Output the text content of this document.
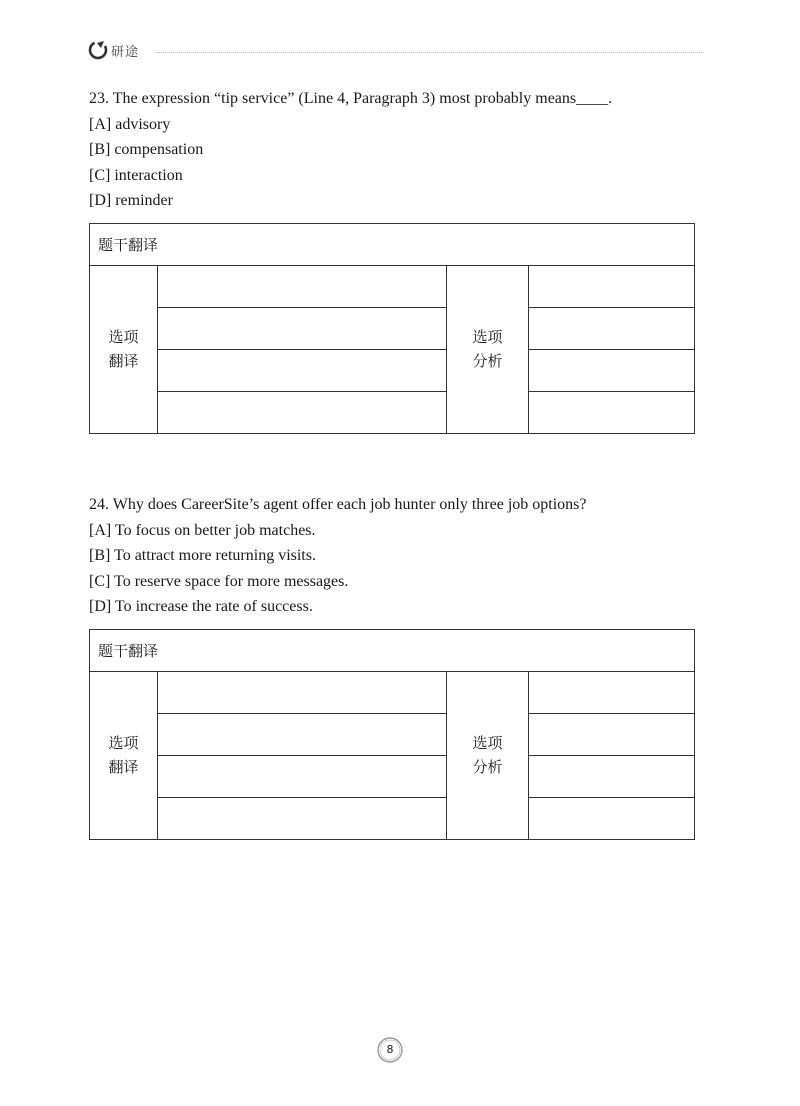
研途
23. The expression “tip service” (Line 4, Paragraph 3) most probably means____.
[A] advisory
[B] compensation
[C] interaction
[D] reminder
题干翻译
选项
翻译
选项
分析
24. Why does CareerSite’s agent offer each job hunter only three job options?
[A] To focus on better job matches.
[B] To attract more returning visits.
[C] To reserve space for more messages.
[D] To increase the rate of success.
题干翻译
选项
翻译
选项
分析
8
